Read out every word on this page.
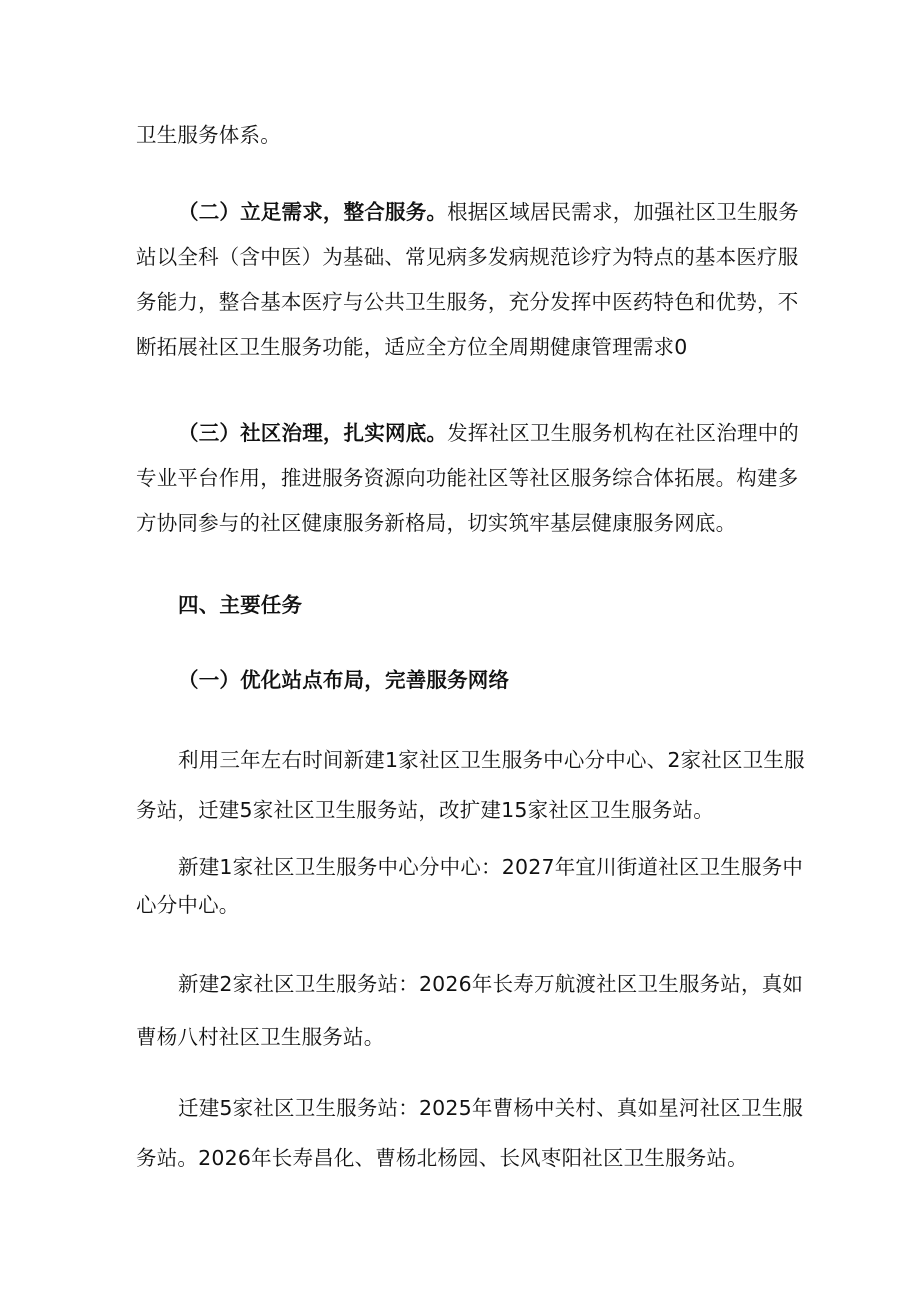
卫生服务体系。
（二）立足需求，整合服务。根据区域居民需求，加强社区卫生服务
站以全科（含中医）为基础、常见病多发病规范诊疗为特点的基本医疗服
务能力，整合基本医疗与公共卫生服务，充分发挥中医药特色和优势，不
断拓展社区卫生服务功能，适应全方位全周期健康管理需求0
（三）社区治理，扎实网底。发挥社区卫生服务机构在社区治理中的
专业平台作用，推进服务资源向功能社区等社区服务综合体拓展。构建多
方协同参与的社区健康服务新格局，切实筑牢基层健康服务网底。
四、主要任务
（一）优化站点布局，完善服务网络
利用三年左右时间新建1家社区卫生服务中心分中心、2家社区卫生服
务站，迁建5家社区卫生服务站，改扩建15家社区卫生服务站。
新建1家社区卫生服务中心分中心：2027年宜川街道社区卫生服务中
心分中心。
新建2家社区卫生服务站：2026年长寿万航渡社区卫生服务站，真如
曹杨八村社区卫生服务站。
迁建5家社区卫生服务站：2025年曹杨中关村、真如星河社区卫生服
务站。2026年长寿昌化、曹杨北杨园、长风枣阳社区卫生服务站。
